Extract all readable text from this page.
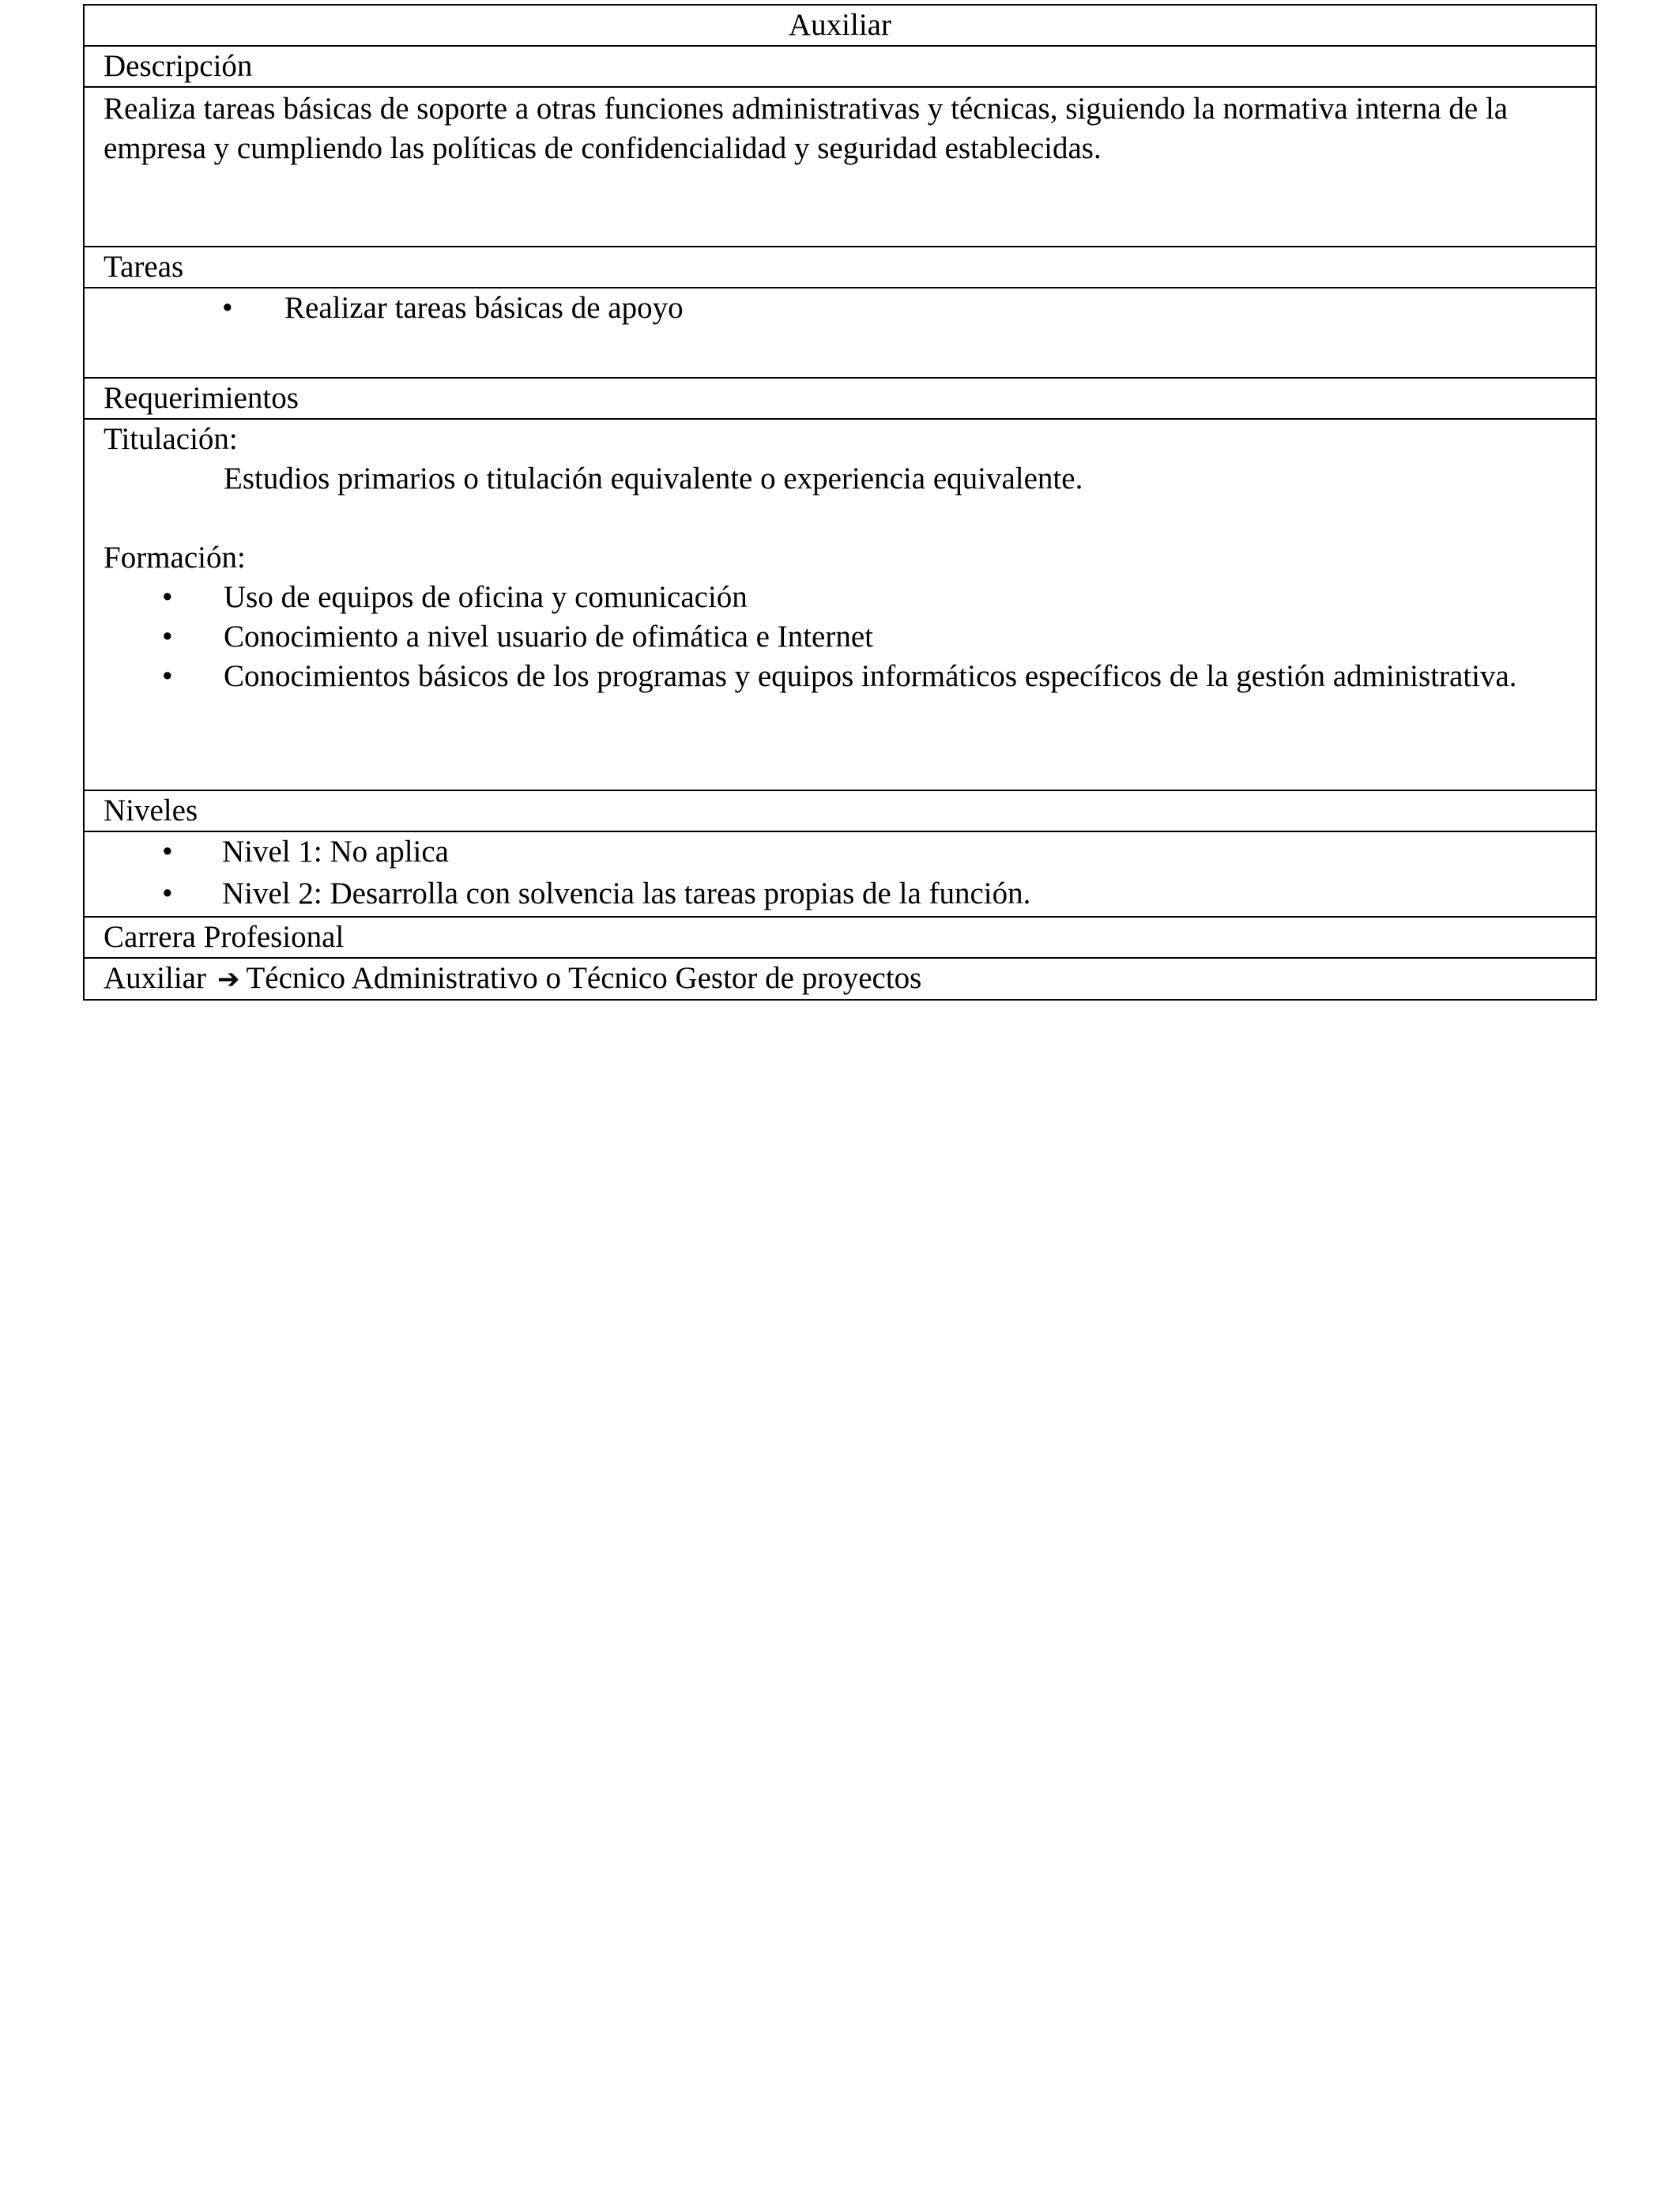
Auxiliar
Descripción
Realiza tareas básicas de soporte a otras funciones administrativas y técnicas, siguiendo la normativa interna de la empresa y cumpliendo las políticas de confidencialidad y seguridad establecidas.
Tareas

• Realizar tareas básicas de apoyo

Requerimientos

Titulación:
Estudios primarios o titulación equivalente o experiencia equivalente.
Formación:
• Uso de equipos de oficina y comunicación
• Conocimiento a nivel usuario de ofimática e Internet
• Conocimientos básicos de los programas y equipos informáticos específicos de la gestión administrativa.

Niveles

• Nivel 1: No aplica
• Nivel 2: Desarrolla con solvencia las tareas propias de la función.

Carrera Profesional
Auxiliar ➔ Técnico Administrativo o Técnico Gestor de proyectos
